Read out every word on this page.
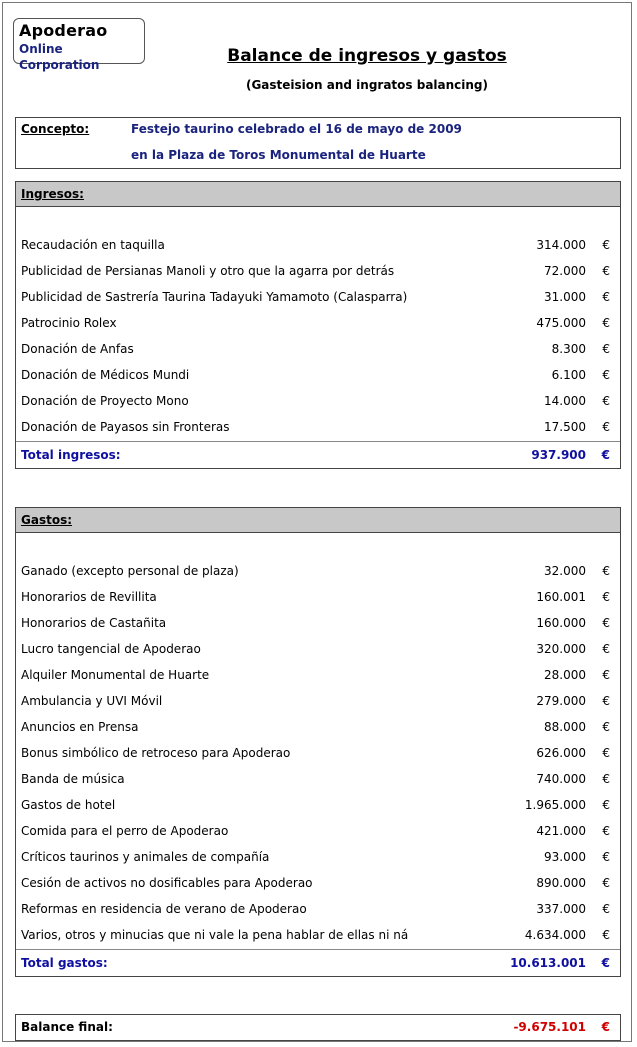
Apoderao
Online Corporation	Balance de ingresos y gastos
(Gasteision and ingratos balancing)
Concepto:	Festejo taurino celebrado el 16 de mayo de 2009
en la Plaza de Toros Monumental de Huarte
Ingresos:
Recaudación en taquilla	314.000 €
Publicidad de Persianas Manoli y otro que la agarra por detrás	72.000 €
Publicidad de Sastrería Taurina Tadayuki Yamamoto (Calasparra)	31.000 €
Patrocinio Rolex	475.000 €
Donación de Anfas	8.300 €
Donación de Médicos Mundi	6.100 €
Donación de Proyecto Mono	14.000 €
Donación de Payasos sin Fronteras	17.500 €
Total ingresos:	937.900 €
Gastos:
Ganado (excepto personal de plaza)	32.000 €
Honorarios de Revillita	160.001 €
Honorarios de Castañita	160.000 €
Lucro tangencial de Apoderao	320.000 €
Alquiler Monumental de Huarte	28.000 €
Ambulancia y UVI Móvil	279.000 €
Anuncios en Prensa	88.000 €
Bonus simbólico de retroceso para Apoderao	626.000 €
Banda de música	740.000 €
Gastos de hotel	1.965.000 €
Comida para el perro de Apoderao	421.000 €
Críticos taurinos y animales de compañía	93.000 €
Cesión de activos no dosificables para Apoderao	890.000 €
Reformas en residencia de verano de Apoderao	337.000 €
Varios, otros y minucias que ni vale la pena hablar de ellas ni ná	4.634.000 €
Total gastos:	10.613.001 €
Balance final:	-9.675.101 €
